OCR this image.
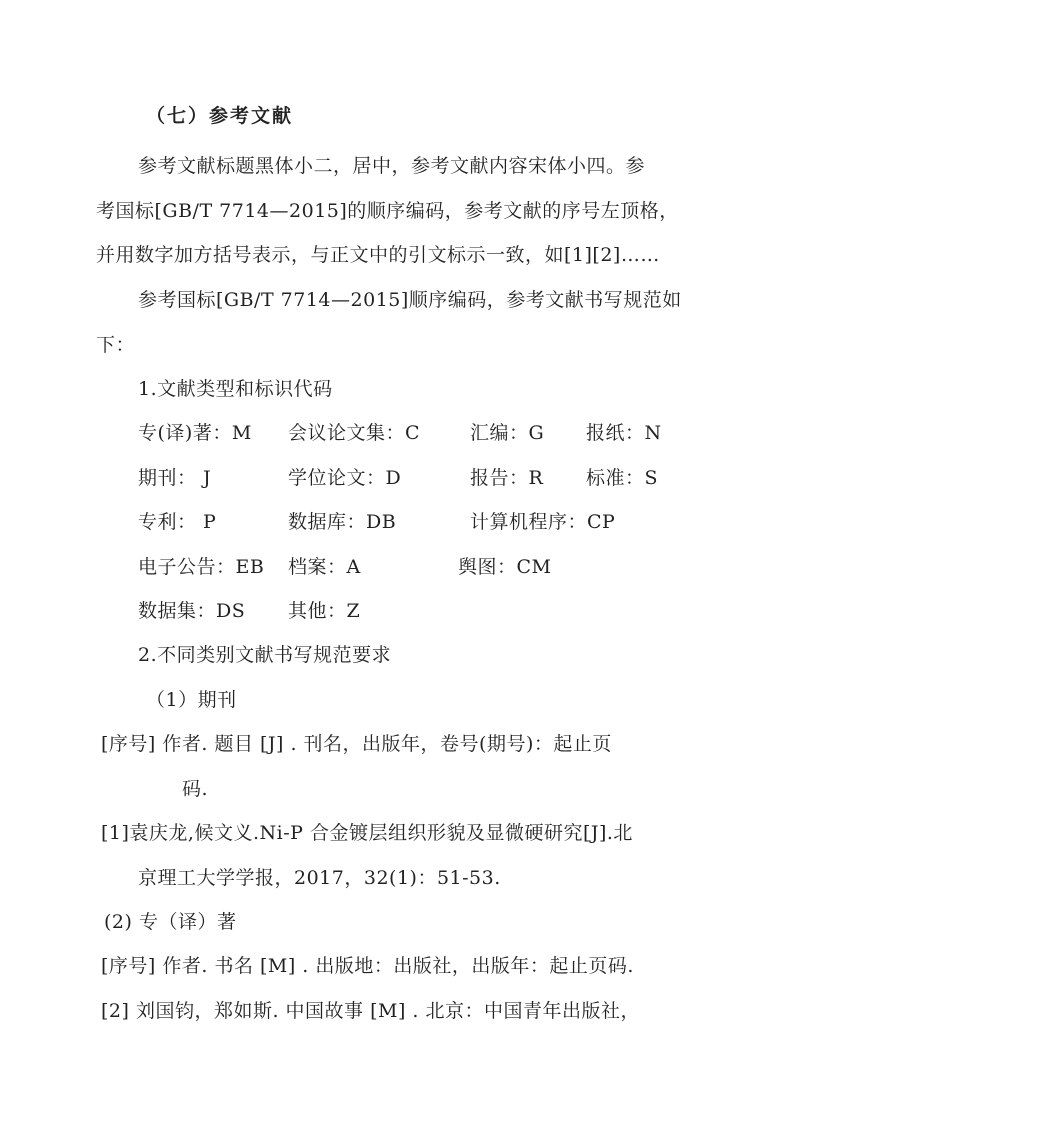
（七）参考文献
参考文献标题黑体小二，居中，参考文献内容宋体小四。参
考国标[GB/T 7714—2015]的顺序编码，参考文献的序号左顶格，
并用数字加方括号表示，与正文中的引文标示一致，如[1][2]……
参考国标[GB/T 7714—2015]顺序编码，参考文献书写规范如
下：
1.文献类型和标识代码
专(译)著：M 会议论文集：C	汇编：G 报纸：N
期刊： J	学位论文：D	报告：R 标准：S
专利： P	数据库：DB	计算机程序：CP
电子公告：EB 档案：A	舆图：CM
数据集：DS 其他：Z
2.不同类别文献书写规范要求
（1）期刊
[序号] 作者. 题目 [J] . 刊名，出版年，卷号(期号)：起止页
码.
[1]袁庆龙,候文义.Ni-P 合金镀层组织形貌及显微硬研究[J].北
京理工大学学报，2017，32(1)：51-53.
(2) 专（译）著
[序号] 作者. 书名 [M] . 出版地：出版社，出版年：起止页码.
[2] 刘国钧，郑如斯. 中国故事 [M] . 北京：中国青年出版社，
